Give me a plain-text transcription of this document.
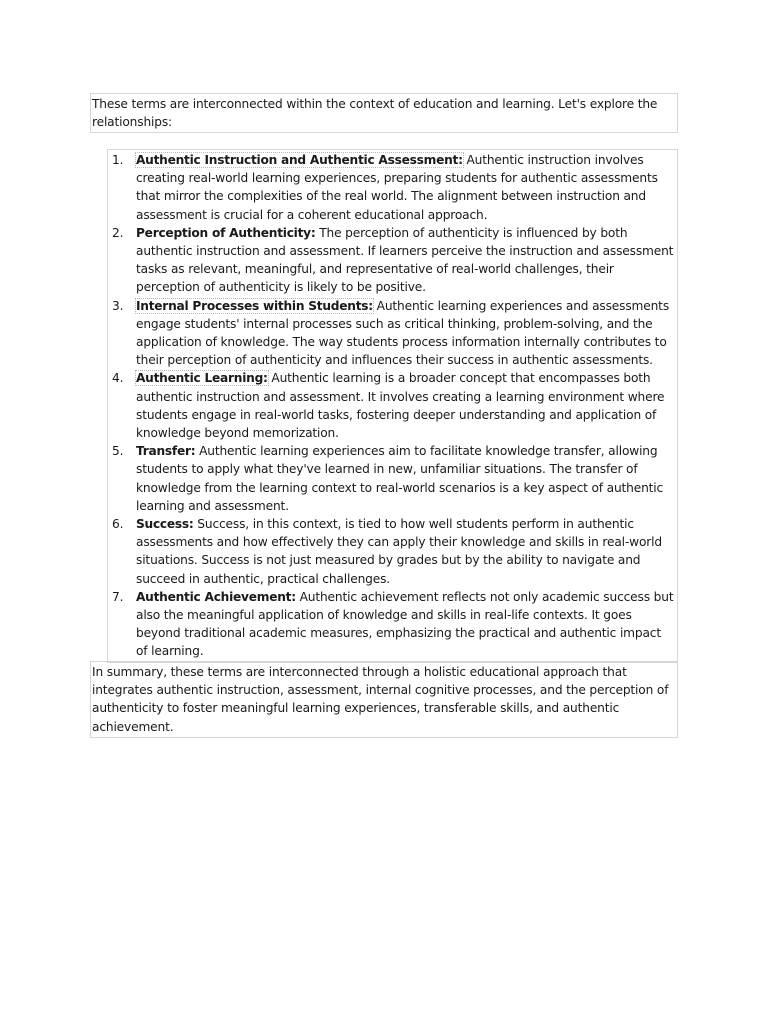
These terms are interconnected within the context of education and learning. Let's explore the relationships:
1. Authentic Instruction and Authentic Assessment: Authentic instruction involves creating real-world learning experiences, preparing students for authentic assessments that mirror the complexities of the real world. The alignment between instruction and assessment is crucial for a coherent educational approach.
2. Perception of Authenticity: The perception of authenticity is influenced by both authentic instruction and assessment. If learners perceive the instruction and assessment tasks as relevant, meaningful, and representative of real-world challenges, their perception of authenticity is likely to be positive.
3. Internal Processes within Students: Authentic learning experiences and assessments engage students' internal processes such as critical thinking, problem-solving, and the application of knowledge. The way students process information internally contributes to their perception of authenticity and influences their success in authentic assessments.
4. Authentic Learning: Authentic learning is a broader concept that encompasses both authentic instruction and assessment. It involves creating a learning environment where students engage in real-world tasks, fostering deeper understanding and application of knowledge beyond memorization.
5. Transfer: Authentic learning experiences aim to facilitate knowledge transfer, allowing students to apply what they've learned in new, unfamiliar situations. The transfer of knowledge from the learning context to real-world scenarios is a key aspect of authentic learning and assessment.
6. Success: Success, in this context, is tied to how well students perform in authentic assessments and how effectively they can apply their knowledge and skills in real-world situations. Success is not just measured by grades but by the ability to navigate and succeed in authentic, practical challenges.
7. Authentic Achievement: Authentic achievement reflects not only academic success but also the meaningful application of knowledge and skills in real-life contexts. It goes beyond traditional academic measures, emphasizing the practical and authentic impact of learning.
In summary, these terms are interconnected through a holistic educational approach that integrates authentic instruction, assessment, internal cognitive processes, and the perception of authenticity to foster meaningful learning experiences, transferable skills, and authentic achievement.
